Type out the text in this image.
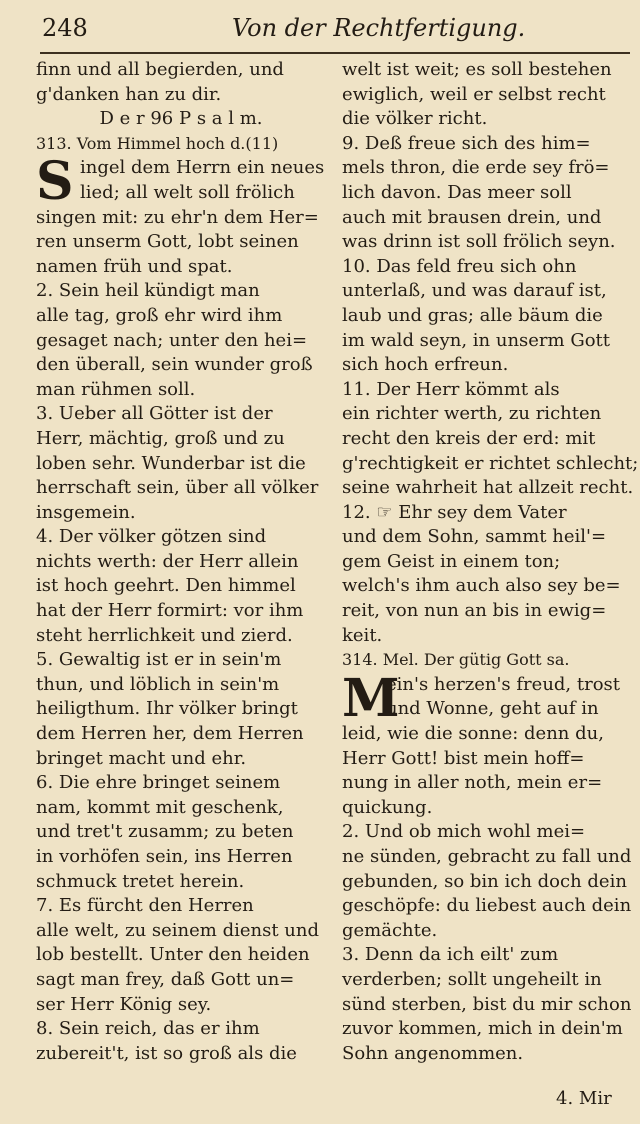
248	Von der Rechtfertigung.
finn und all begierden, und
g'danken han zu dir.
D e r 96 P s a l m.
313. Vom Himmel hoch d.(11)
S ingel dem Herrn ein neues
lied; all welt soll frölich
singen mit: zu ehr'n dem Her=
ren unserm Gott, lobt seinen
namen früh und spat.
2. Sein heil kündigt man
alle tag, groß ehr wird ihm
gesaget nach; unter den hei=
den überall, sein wunder groß
man rühmen soll.
3. Ueber all Götter ist der
Herr, mächtig, groß und zu
loben sehr. Wunderbar ist die
herrschaft sein, über all völker
insgemein.
4. Der völker götzen sind
nichts werth: der Herr allein
ist hoch geehrt. Den himmel
hat der Herr formirt: vor ihm
steht herrlichkeit und zierd.
5. Gewaltig ist er in sein'm
thun, und löblich in sein'm
heiligthum. Ihr völker bringt
dem Herren her, dem Herren
bringet macht und ehr.
6. Die ehre bringet seinem
nam, kommt mit geschenk,
und tret't zusamm; zu beten
in vorhöfen sein, ins Herren
schmuck tretet herein.
7. Es fürcht den Herren
alle welt, zu seinem dienst und
lob bestellt. Unter den heiden
sagt man frey, daß Gott un=
ser Herr König sey.
8. Sein reich, das er ihm
zubereit't, ist so groß als die
welt ist weit; es soll bestehen
ewiglich, weil er selbst recht
die völker richt.
9. Deß freue sich des him=
mels thron, die erde sey frö=
lich davon. Das meer soll
auch mit brausen drein, und
was drinn ist soll frölich seyn.
10. Das feld freu sich ohn
unterlaß, und was darauf ist,
laub und gras; alle bäum die
im wald seyn, in unserm Gott
sich hoch erfreun.
11. Der Herr kömmt als
ein richter werth, zu richten
recht den kreis der erd: mit
g'rechtigkeit er richtet schlecht;
seine wahrheit hat allzeit recht.
12. ☞ Ehr sey dem Vater
und dem Sohn, sammt heil'=
gem Geist in einem ton;
welch's ihm auch also sey be=
reit, von nun an bis in ewig=
keit.
314. Mel. Der gütig Gott sa.
M
ein's herzen's freud, trost
und Wonne, geht auf in
leid, wie die sonne: denn du,
Herr Gott! bist mein hoff=
nung in aller noth, mein er=
quickung.
2. Und ob mich wohl mei=
ne sünden, gebracht zu fall und
gebunden, so bin ich doch dein
geschöpfe: du liebest auch dein
gemächte.
3. Denn da ich eilt' zum
verderben; sollt ungeheilt in
sünd sterben, bist du mir schon
zuvor kommen, mich in dein'm
Sohn angenommen.
4. Mir
